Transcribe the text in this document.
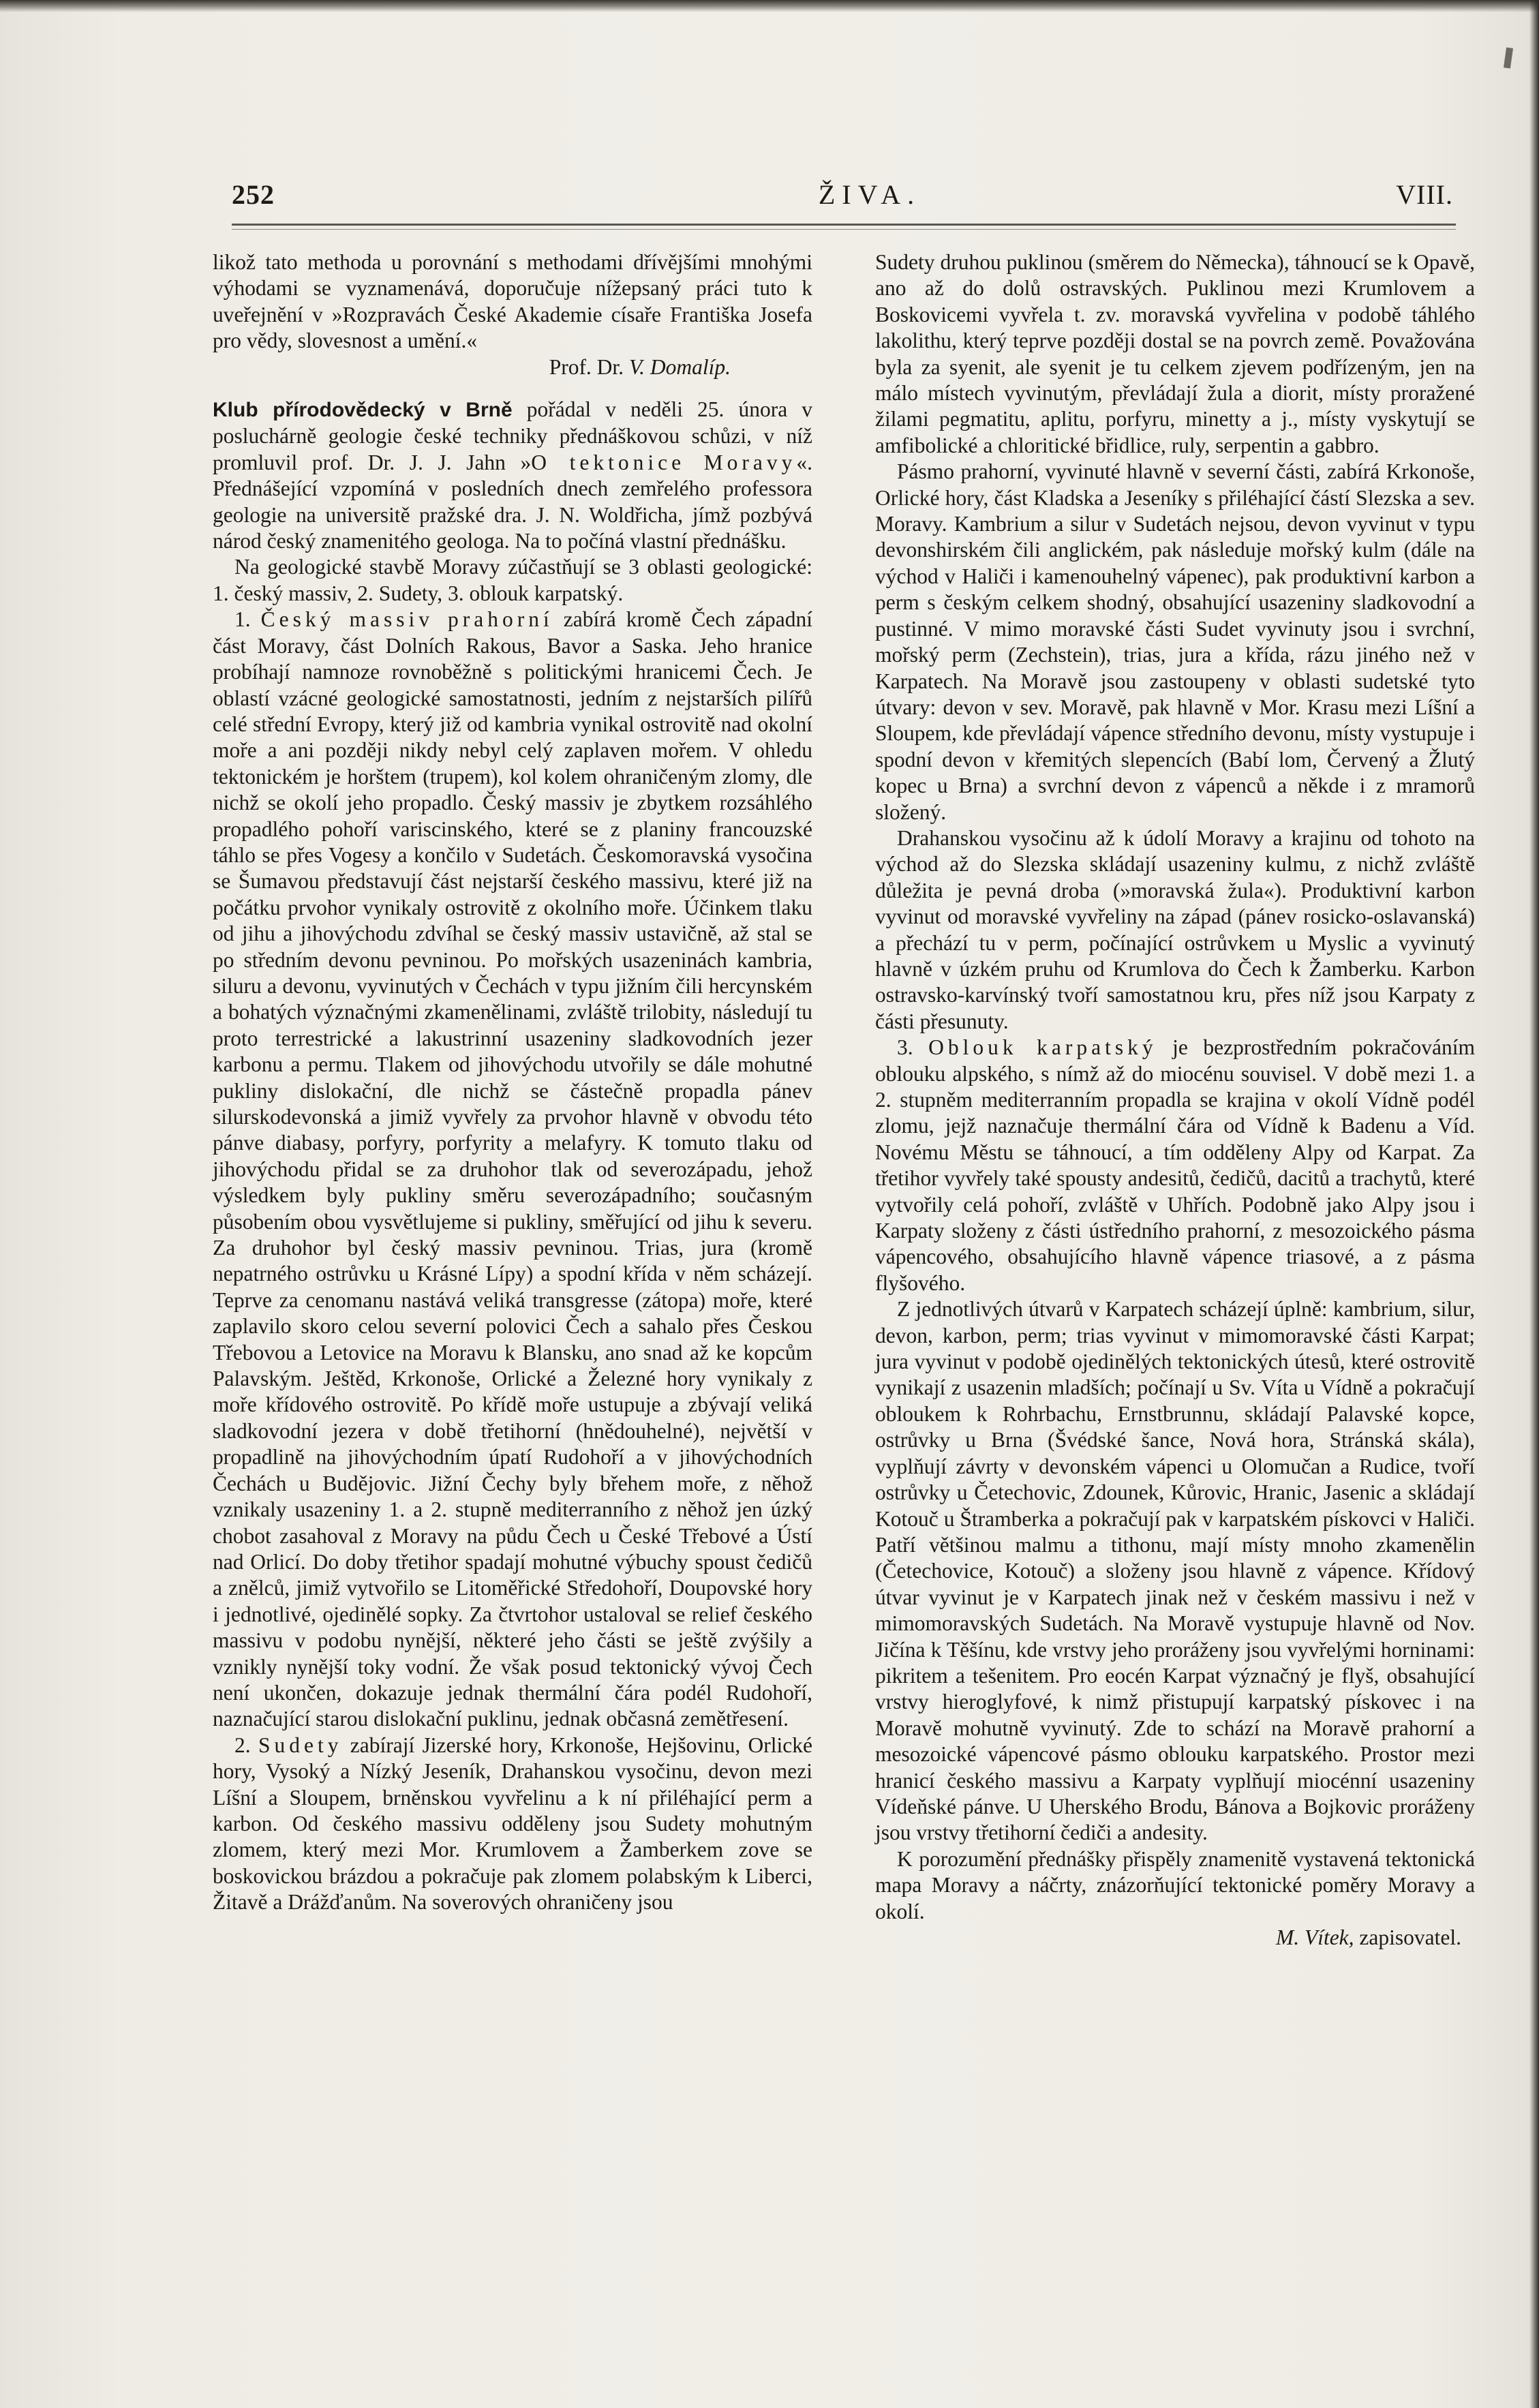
252	ŽIVA.	VIII.

likož tato methoda u porovnání s methodami dřívějšími mnohými výhodami se vyznamenává, doporučuje nížepsaný práci tuto k uveřejnění v »Rozpravách České Akademie císaře Františka Josefa pro vědy, slovesnost a umění.«

Prof. Dr. V. Domalíp.

Klub přírodovědecký v Brně pořádal v neděli 25. února v posluchárně geologie české techniky přednáškovou schůzi, v níž promluvil prof. Dr. J. J. Jahn »O tektonice Moravy«. Přednášející vzpomíná v posledních dnech zemřelého professora geologie na universitě pražské dra. J. N. Woldřicha, jímž pozbývá národ český znamenitého geologa. Na to počíná vlastní přednášku.

Na geologické stavbě Moravy zúčastňují se 3 oblasti geologické: 1. český massiv, 2. Sudety, 3. oblouk karpatský.

1. Český massiv prahorní zabírá kromě Čech západní část Moravy, část Dolních Rakous, Bavor a Saska. Jeho hranice probíhají namnoze rovnoběžně s politickými hranicemi Čech. Je oblastí vzácné geologické samostatnosti, jedním z nejstarších pilířů celé střední Evropy, který již od kambria vynikal ostrovitě nad okolní moře a ani později nikdy nebyl celý zaplaven mořem. V ohledu tektonickém je horštem (trupem), kol kolem ohraničeným zlomy, dle nichž se okolí jeho propadlo. Český massiv je zbytkem rozsáhlého propadlého pohoří variscinského, které se z planiny francouzské táhlo se přes Vogesy a končilo v Sudetách. Českomoravská vysočina se Šumavou představují část nejstarší českého massivu, které již na počátku prvohor vynikaly ostrovitě z okolního moře. Účinkem tlaku od jihu a jihovýchodu zdvíhal se český massiv ustavičně, až stal se po středním devonu pevninou. Po mořských usazeninách kambria, siluru a devonu, vyvinutých v Čechách v typu jižním čili hercynském a bohatých význačnými zkamenělinami, zvláště trilobity, následují tu proto terrestrické a lakustrinní usazeniny sladkovodních jezer karbonu a permu. Tlakem od jihovýchodu utvořily se dále mohutné pukliny dislokační, dle nichž se částečně propadla pánev silurskodevonská a jimiž vyvřely za prvohor hlavně v obvodu této pánve diabasy, porfyry, porfyrity a melafyry. K tomuto tlaku od jihovýchodu přidal se za druhohor tlak od severozápadu, jehož výsledkem byly pukliny směru severozápadního; současným působením obou vysvětlujeme si pukliny, směřující od jihu k severu. Za druhohor byl český massiv pevninou. Trias, jura (kromě nepatrného ostrůvku u Krásné Lípy) a spodní křída v něm scházejí. Teprve za cenomanu nastává veliká transgresse (zátopa) moře, které zaplavilo skoro celou severní polovici Čech a sahalo přes Českou Třebovou a Letovice na Moravu k Blansku, ano snad až ke kopcům Palavským. Ještěd, Krkonoše, Orlické a Železné hory vynikaly z moře křídového ostrovitě. Po křídě moře ustupuje a zbývají veliká sladkovodní jezera v době třetihorní (hnědouhelné), největší v propadlině na jihovýchodním úpatí Rudohoří a v jihovýchodních Čechách u Budějovic. Jižní Čechy byly břehem moře, z něhož vznikaly usazeniny 1. a 2. stupně mediterranního z něhož jen úzký chobot zasahoval z Moravy na půdu Čech u České Třebové a Ústí nad Orlicí. Do doby třetihor spadají mohutné výbuchy spoust čedičů a znělců, jimiž vytvořilo se Litoměřické Středohoří, Doupovské hory i jednotlivé, ojedinělé sopky. Za čtvrtohor ustaloval se relief českého massivu v podobu nynější, některé jeho části se ještě zvýšily a vznikly nynější toky vodní. Že však posud tektonický vývoj Čech není ukončen, dokazuje jednak thermální čára podél Rudohoří, naznačující starou dislokační puklinu, jednak občasná zemětřesení.

2. Sudety zabírají Jizerské hory, Krkonoše, Hejšovinu, Orlické hory, Vysoký a Nízký Jeseník, Drahanskou vysočinu, devon mezi Líšní a Sloupem, brněnskou vyvřelinu a k ní přiléhající perm a karbon. Od českého massivu odděleny jsou Sudety mohutným zlomem, který mezi Mor. Krumlovem a Žamberkem zove se boskovickou brázdou a pokračuje pak zlomem polabským k Liberci, Žitavě a Drážďanům. Na soverových ohraničeny jsou

Sudety druhou puklinou (směrem do Německa), táhnoucí se k Opavě, ano až do dolů ostravských. Puklinou mezi Krumlovem a Boskovicemi vyvřela t. zv. moravská vyvřelina v podobě táhlého lakolithu, který teprve později dostal se na povrch země. Považována byla za syenit, ale syenit je tu celkem zjevem podřízeným, jen na málo místech vyvinutým, převládají žula a diorit, místy proražené žilami pegmatitu, aplitu, porfyru, minetty a j., místy vyskytují se amfibolické a chloritické břidlice, ruly, serpentin a gabbro.

Pásmo prahorní, vyvinuté hlavně v severní části, zabírá Krkonoše, Orlické hory, část Kladska a Jeseníky s přiléhající částí Slezska a sev. Moravy. Kambrium a silur v Sudetách nejsou, devon vyvinut v typu devonshirském čili anglickém, pak následuje mořský kulm (dále na východ v Haliči i kamenouhelný vápenec), pak produktivní karbon a perm s českým celkem shodný, obsahující usazeniny sladkovodní a pustinné. V mimo moravské části Sudet vyvinuty jsou i svrchní, mořský perm (Zechstein), trias, jura a křída, rázu jiného než v Karpatech. Na Moravě jsou zastoupeny v oblasti sudetské tyto útvary: devon v sev. Moravě, pak hlavně v Mor. Krasu mezi Líšní a Sloupem, kde převládají vápence středního devonu, místy vystupuje i spodní devon v křemitých slepencích (Babí lom, Červený a Žlutý kopec u Brna) a svrchní devon z vápenců a někde i z mramorů složený.

Drahanskou vysočinu až k údolí Moravy a krajinu od tohoto na východ až do Slezska skládají usazeniny kulmu, z nichž zvláště důležita je pevná droba (»moravská žula«). Produktivní karbon vyvinut od moravské vyvřeliny na západ (pánev rosicko-oslavanská) a přechází tu v perm, počínající ostrůvkem u Myslic a vyvinutý hlavně v úzkém pruhu od Krumlova do Čech k Žamberku. Karbon ostravsko-karvínský tvoří samostatnou kru, přes níž jsou Karpaty z části přesunuty.

3. Oblouk karpatský je bezprostředním pokračováním oblouku alpského, s nímž až do miocénu souvisel. V době mezi 1. a 2. stupněm mediterranním propadla se krajina v okolí Vídně podél zlomu, jejž naznačuje thermální čára od Vídně k Badenu a Víd. Novému Městu se táhnoucí, a tím odděleny Alpy od Karpat. Za třetihor vyvřely také spousty andesitů, čedičů, dacitů a trachytů, které vytvořily celá pohoří, zvláště v Uhřích. Podobně jako Alpy jsou i Karpaty složeny z části ústředního prahorní, z mesozoického pásma vápencového, obsahujícího hlavně vápence triasové, a z pásma flyšového.

Z jednotlivých útvarů v Karpatech scházejí úplně: kambrium, silur, devon, karbon, perm; trias vyvinut v mimomoravské části Karpat; jura vyvinut v podobě ojedinělých tektonických útesů, které ostrovitě vynikají z usazenin mladších; počínají u Sv. Víta u Vídně a pokračují obloukem k Rohrbachu, Ernstbrunnu, skládají Palavské kopce, ostrůvky u Brna (Švédské šance, Nová hora, Stránská skála), vyplňují závrty v devonském vápenci u Olomučan a Rudice, tvoří ostrůvky u Četechovic, Zdounek, Kůrovic, Hranic, Jasenic a skládají Kotouč u Štramberka a pokračují pak v karpatském pískovci v Haliči. Patří většinou malmu a tithonu, mají místy mnoho zkamenělin (Četechovice, Kotouč) a složeny jsou hlavně z vápence. Křídový útvar vyvinut je v Karpatech jinak než v českém massivu i než v mimomoravských Sudetách. Na Moravě vystupuje hlavně od Nov. Jičína k Těšínu, kde vrstvy jeho proráženy jsou vyvřelými horninami: pikritem a tešenitem. Pro eocén Karpat význačný je flyš, obsahující vrstvy hieroglyfové, k nimž přistupují karpatský pískovec i na Moravě mohutně vyvinutý. Zde to schází na Moravě prahorní a mesozoické vápencové pásmo oblouku karpatského. Prostor mezi hranicí českého massivu a Karpaty vyplňují miocénní usazeniny Vídeňské pánve. U Uherského Brodu, Bánova a Bojkovic proráženy jsou vrstvy třetihorní čediči a andesity.

K porozumění přednášky přispěly znamenitě vystavená tektonická mapa Moravy a náčrty, znázorňující tektonické poměry Moravy a okolí.

M. Vítek, zapisovatel.
